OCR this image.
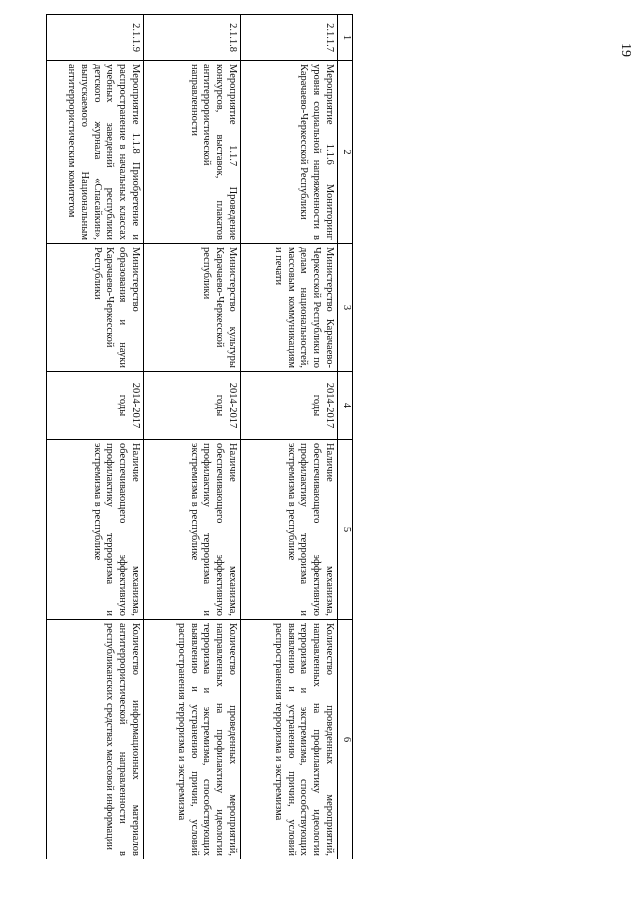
19
1	2	3	4	5	6
2.1.1.7	Мероприятие 1.1.6 Мониторинг уровня социальной напряженности в Карачаево-Черкесской Республики	Министерство Карачаево-Черкесской Республики по делам национальностей, массовым коммуникациям и печати	2014-2017 годы	Наличие механизма, обеспечивающего эффективную профилактику терроризма и экстремизма в республике	Количество проведенных мероприятий, направленных на профилактику идеологии терроризма и экстремизма, способствующих выявлению и устранению причин, условий распространения терроризма и экстремизма
2.1.1.8	Мероприятие 1.1.7 Проведение конкурсов, выставок, плакатов антитеррористической направленности	Министерство культуры Карачаево-Черкесской республики	2014-2017 годы	Наличие механизма, обеспечивающего эффективную профилактику терроризма и экстремизма в республике	Количество проведенных мероприятий, направленных на профилактику идеологии терроризма и экстремизма, способствующих выявлению и устранению причин, условий распространения терроризма и экстремизма
2.1.1.9	Мероприятие 1.1.8 Приобретение и распространение в начальных классах учебных заведений республики детского журнала «Спасайкин», выпускаемого Национальным антитеррористическим комитетом	Министерство образования и науки Карачаево-Черкесской Республики	2014-2017 годы	Наличие механизма, обеспечивающего эффективную профилактику терроризма и экстремизма в республике	Количество информационных материалов антитеррористической направленности в республиканских средствах массовой информации
